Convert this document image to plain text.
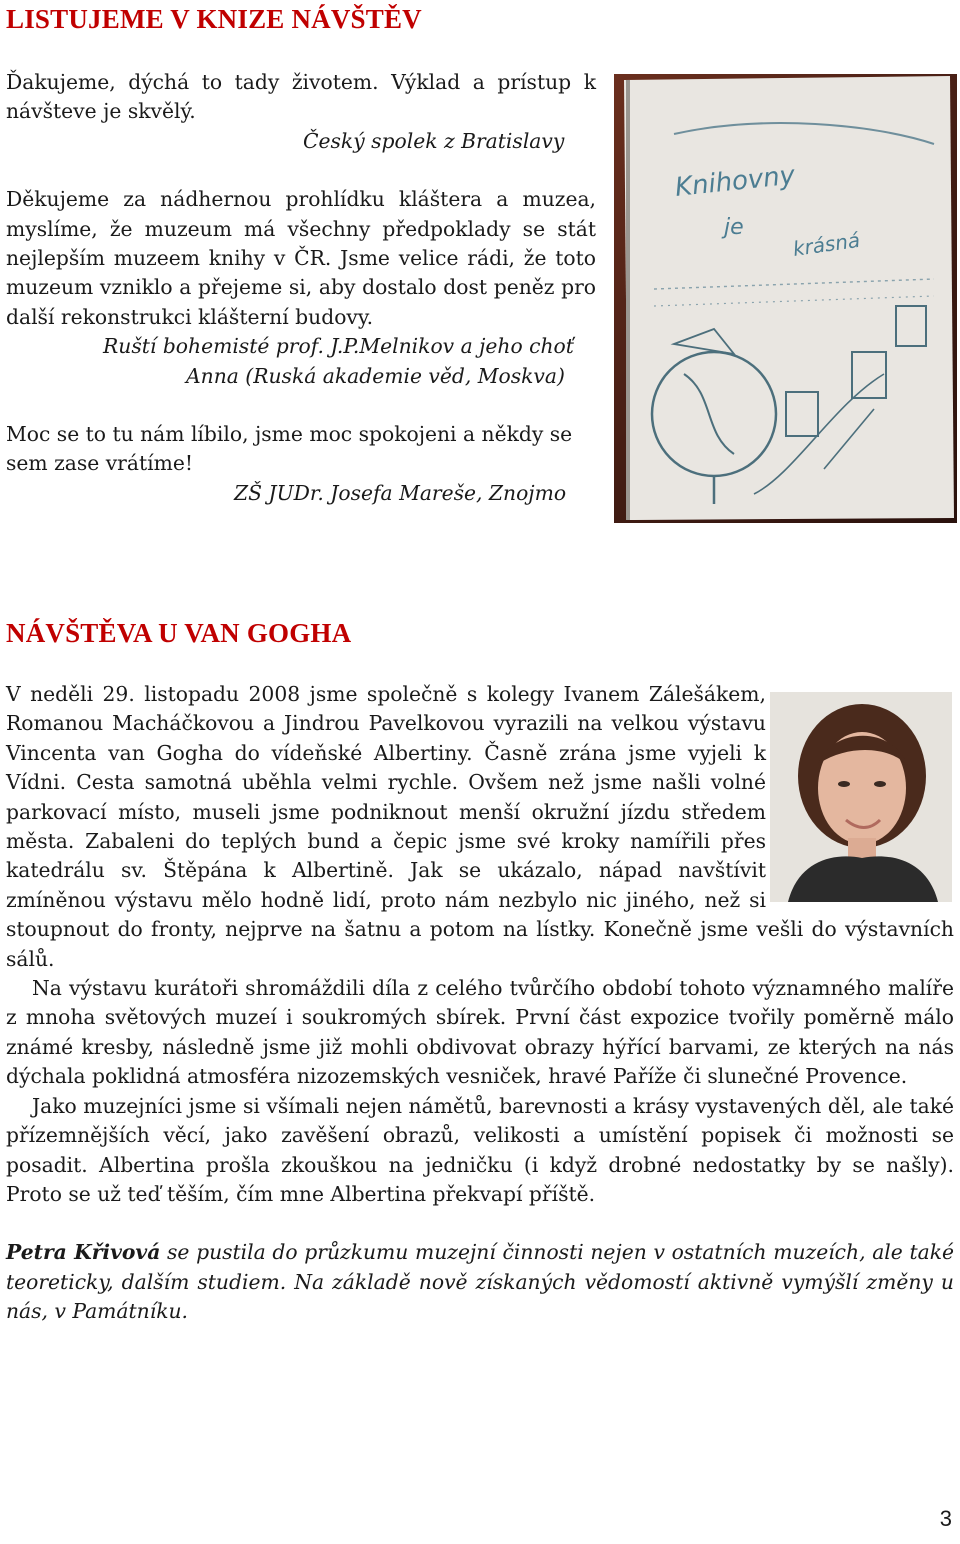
LISTUJEME V KNIZE NÁVŠTĚV

Ďakujeme, dýchá to tady životem. Výklad a prístup k návšteve je skvělý.

Český spolek z Bratislavy

Děkujeme za nádhernou prohlídku kláštera a muzea, myslíme, že muzeum má všechny předpoklady se stát nejlepším muzeem knihy v ČR. Jsme velice rádi, že toto muzeum vzniklo a přejeme si, aby dostalo dost peněz pro další rekonstrukci klášterní budovy.

Ruští bohemisté prof. J.P.Melnikov a jeho choť

Anna (Ruská akademie věd, Moskva)

Moc se to tu nám líbilo, jsme moc spokojeni a někdy se sem zase vrátíme!

ZŠ JUDr. Josefa Mareše, Znojmo

Knihovny
je
krásná
NÁVŠTĚVA U VAN GOGHA

V neděli 29. listopadu 2008 jsme společně s kolegy Ivanem Zálešákem, Romanou Macháčkovou a Jindrou Pavelkovou vyrazili na velkou výstavu Vincenta van Gogha do vídeňské Albertiny. Časně zrána jsme vyjeli k Vídni. Cesta samotná uběhla velmi rychle. Ovšem než jsme našli volné parkovací místo, museli jsme podniknout menší okružní jízdu středem města. Zabaleni do teplých bund a čepic jsme své kroky namířili přes katedrálu sv. Štěpána k Albertině. Jak se ukázalo, nápad navštívit zmíněnou výstavu mělo hodně lidí, proto nám nezbylo nic jiného, než si stoupnout do fronty, nejprve na šatnu a potom na lístky. Konečně jsme vešli do výstavních sálů.

Na výstavu kurátoři shromáždili díla z celého tvůrčího období tohoto významného malíře z mnoha světových muzeí i soukromých sbírek. První část expozice tvořily poměrně málo známé kresby, následně jsme již mohli obdivovat obrazy hýřící barvami, ze kterých na nás dýchala poklidná atmosféra nizozemských vesniček, hravé Paříže či slunečné Provence.

Jako muzejníci jsme si všímali nejen námětů, barevnosti a krásy vystavených děl, ale také přízemnějších věcí, jako zavěšení obrazů, velikosti a umístění popisek či možnosti se posadit. Albertina prošla zkouškou na jedničku (i když drobné nedostatky by se našly). Proto se už teď těším, čím mne Albertina překvapí příště.

Petra Křivová se pustila do průzkumu muzejní činnosti nejen v ostatních muzeích, ale také teoreticky, dalším studiem. Na základě nově získaných vědomostí aktivně vymýšlí změny u nás, v Památníku.

3
